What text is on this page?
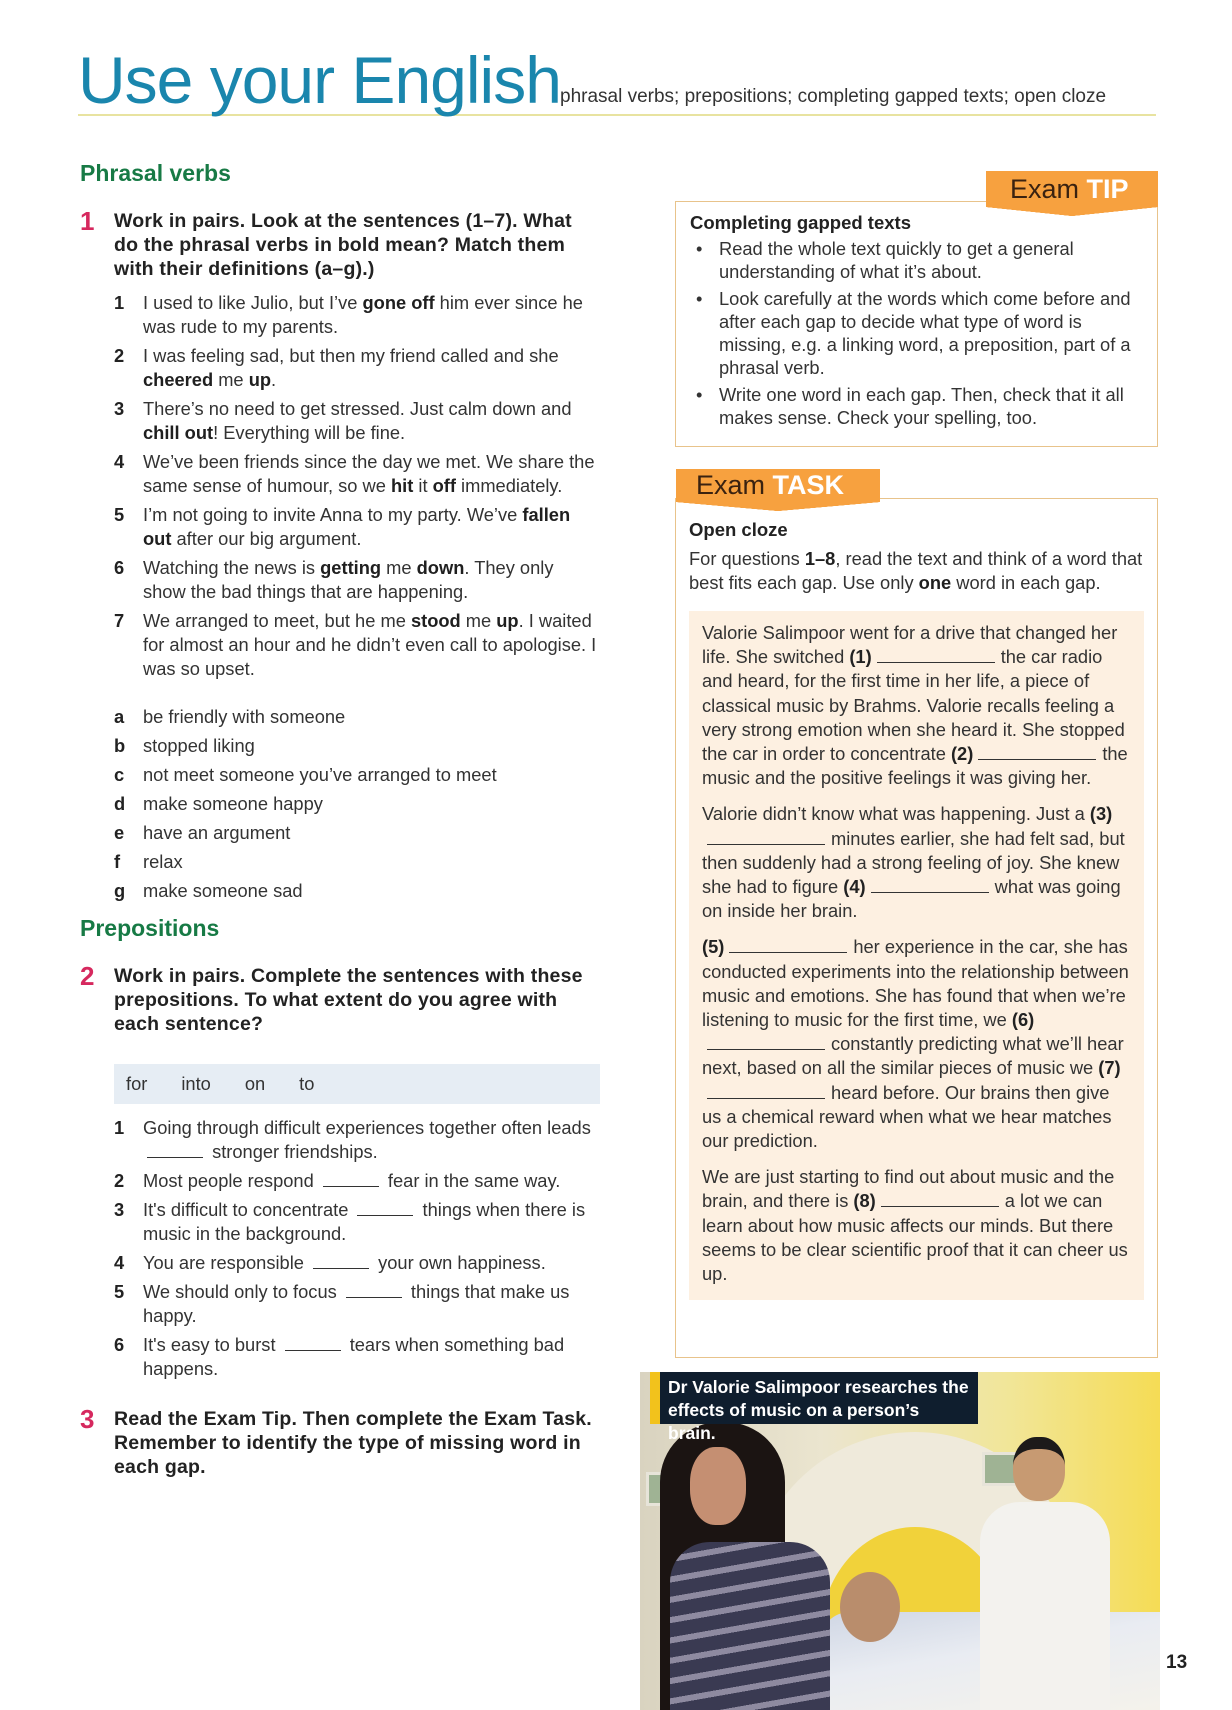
Use your English phrasal verbs; prepositions; completing gapped texts; open cloze
Phrasal verbs
1 Work in pairs. Look at the sentences (1–7). What do the phrasal verbs in bold mean? Match them with their definitions (a–g).)
1 I used to like Julio, but I’ve gone off him ever since he was rude to my parents.
2 I was feeling sad, but then my friend called and she cheered me up.
3 There’s no need to get stressed. Just calm down and chill out! Everything will be fine.
4 We’ve been friends since the day we met. We share the same sense of humour, so we hit it off immediately.
5 I’m not going to invite Anna to my party. We’ve fallen out after our big argument.
6 Watching the news is getting me down. They only show the bad things that are happening.
7 We arranged to meet, but he me stood me up. I waited for almost an hour and he didn’t even call to apologise. I was so upset.
a be friendly with someone
b stopped liking
c not meet someone you’ve arranged to meet
d make someone happy
e have an argument
f relax
g make someone sad
Prepositions
2 Work in pairs. Complete the sentences with these prepositions. To what extent do you agree with each sentence?
for into on to
1 Going through difficult experiences together often leads  stronger friendships.
2 Most people respond	fear in the same way.
3 It's difficult to concentrate	things when there is music in the background.
4 You are responsible	your own happiness.
5 We should only to focus	things that make us happy.
6 It's easy to burst	tears when something bad happens.
3 Read the Exam Tip. Then complete the Exam Task. Remember to identify the type of missing word in each gap.
Completing gapped texts
• Read the whole text quickly to get a general understanding of what it’s about.
• Look carefully at the words which come before and after each gap to decide what type of word is missing, e.g. a linking word, a preposition, part of a phrasal verb.
• Write one word in each gap. Then, check that it all makes sense. Check your spelling, too.
Exam TIP
Open cloze
For questions 1–8, read the text and think of a word that best fits each gap. Use only one word in each gap.
Valorie Salimpoor went for a drive that changed her life. She switched (1)	the car radio and heard, for the first time in her life, a piece of classical music by Brahms. Valorie recalls feeling a very strong emotion when she heard it. She stopped the car in order to concentrate (2)	the music and the positive feelings it was giving her.
Valorie didn’t know what was happening. Just a (3)minutes earlier, she had felt sad, but then suddenly had a strong feeling of joy. She knew she had to figure (4)	what was going on inside her brain.
(5)	her experience in the car, she has conducted experiments into the relationship between music and emotions. She has found that when we’re listening to music for the first time, we (6)constantly predicting what we’ll hear next, based on all the similar pieces of music we (7)heard before. Our brains then give us a chemical reward when what we hear matches our prediction.
We are just starting to find out about music and the brain, and there is (8)	a lot we can learn about how music affects our minds. But there seems to be clear scientific proof that it can cheer us up.
Exam TASK
Dr Valorie Salimpoor researches the effects of music on a person’s brain.
13
